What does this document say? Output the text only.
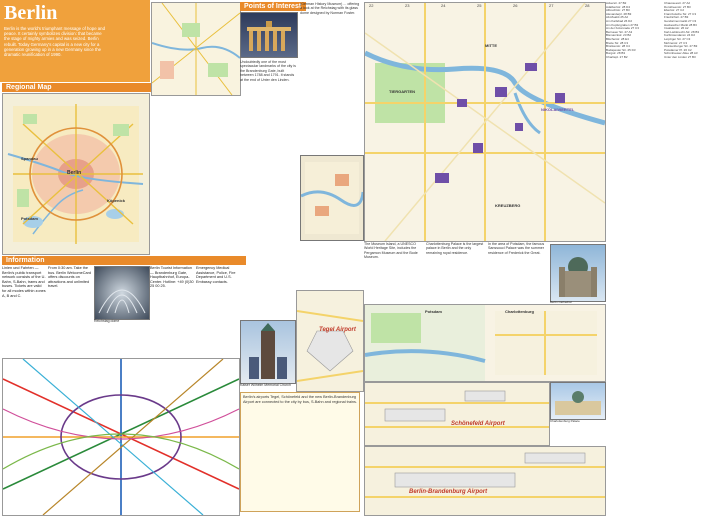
Berlin
Berlin is the world’s triumphant message of hope and peace. It certainly symbolizes division: that became the stage of mighty armies and was seized. Berlin rebuilt. Today Germany’s capital is a new city for a generation growing up in a new Germany since the dramatic reunification of 1990.
Regional Map
Berlin
Potsdam
Spandau
Köpenick
Points of Interest
Undoubtedly one of the most spectacular landmarks of the city is the Brandenburg Gate, built between 1788 and 1791. It stands at the end of Unter den Linden.
(German History Museum) ... offering a look at the Reichstag with its glass dome designed by Norman Foster.
NIKOLAIVIERTEL
MITTE
TIERGARTEN
KREUZBERG
22	23	24	25	26	27	28	Ackerstr. 27 B2
Adalbertstr. 28 D4
Albrechtstr. 27 B3
Alexanderpl. 28 B3
Alt-Moabit 25 A2
Am Karlsbad 26 D2
Am Kupfergraben 27 B3
An der Kolonnade 27 C3
Bernauer Str. 27 A3
Bismarckstr. 23 B2
Blücherstr. 28 E4
Breite Str. 28 C3
Brückenstr. 28 C4
Budapester Str. 25 D3
Burgstr. 28 B3
Charitépl. 27 B2
Chausseestr. 27 A2
Dorotheenstr. 27 B3
Ebertstr. 27 C2
Französische Str. 27 C3
Friedrichstr. 27 B3
Gendarmenmarkt 27 C3
Hackescher Markt 28 B3
Invalidenstr. 26 A2
Karl-Liebknecht-Str. 28 B3
Kurfürstendamm 24 D2
Leipziger Str. 27 C3
Mohrenstr. 27 C3
Oranienburger Str. 27 B3
Potsdamer Pl. 26 C2
Schönhauser Allee 28 A3
Unter den Linden 27 B3
The Museum Island, a UNESCO World Heritage Site, includes the Pergamon Museum and the Bode Museum.
Charlottenburg Palace is the largest palace in Berlin and the only remaining royal residence.
In the area of Potsdam, the famous Sanssouci Palace was the summer residence of Frederick the Great.
Potsdam	Charlottenburg
Information
Linien und Fahrten — Berlin's public transport network consists of the U-Bahn, S-Bahn, trams and buses. Tickets are valid for all modes within zones A, B and C.
From 0:30 am. Take the bus. Berlin WelcomeCard offers discounts on attractions and unlimited travel.
Berlin Tourist Information — Brandenburg Gate, Hauptbahnhof, Europa-Center. Hotline: +49 (0)30 25 00 25.
Emergency Medical Assistance, Police, Fire Department and U.S. Embassy contacts.
Tegel Airport
Berlin’s airports Tegel, Schönefeld and the new Berlin-Brandenburg Airport are connected to the city by bus, S-Bahn and regional trains.
Schönefeld Airport
Berlin-Brandenburg Airport
Reichstag dome
Kaiser Wilhelm Memorial Church
Berlin Cathedral
Charlottenburg Palace
